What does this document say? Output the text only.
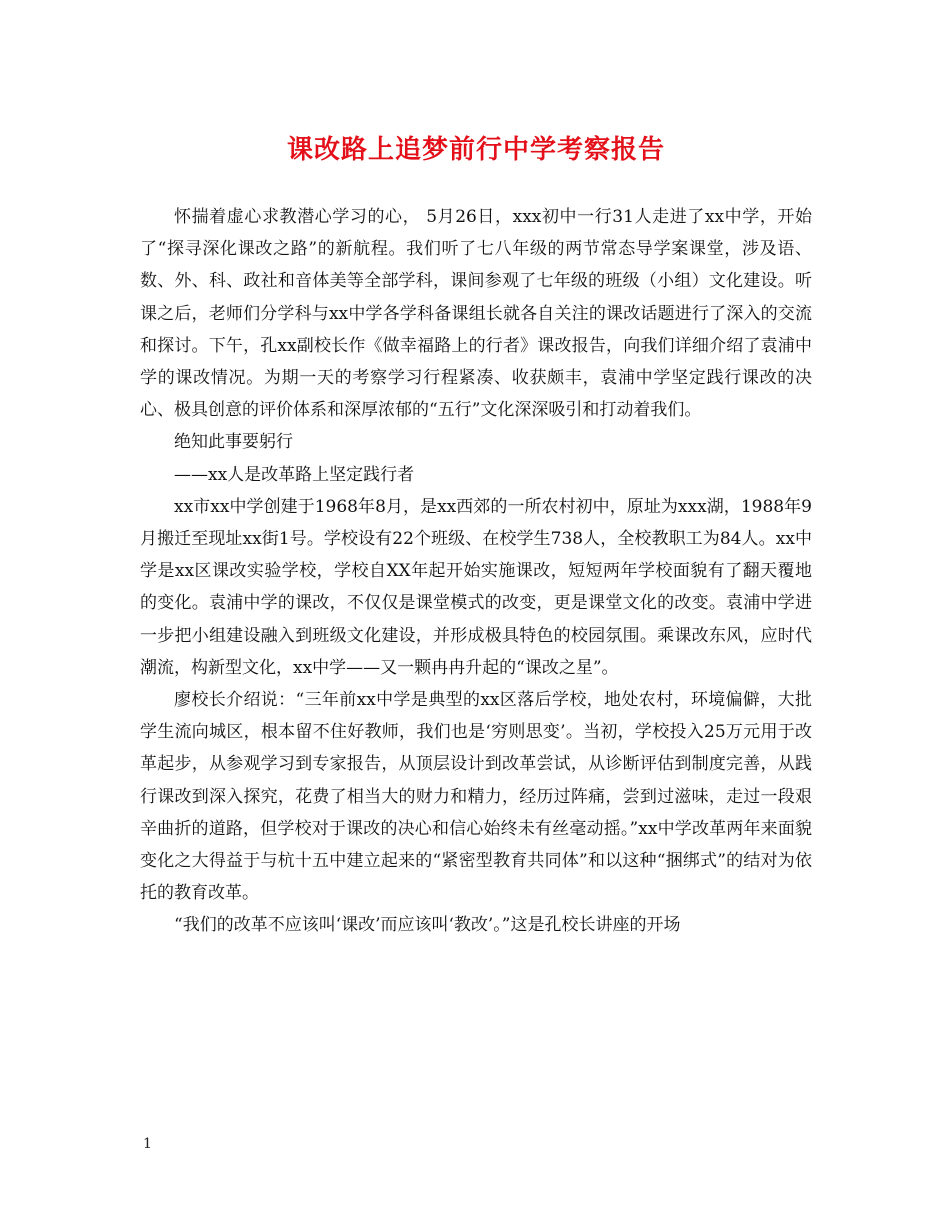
课改路上追梦前行中学考察报告

怀揣着虚心求教潜心学习的心， 5月26日，xxx初中一行31人走进了xx中学，开始了“探寻深化课改之路”的新航程。我们听了七八年级的两节常态导学案课堂，涉及语、数、外、科、政社和音体美等全部学科，课间参观了七年级的班级（小组）文化建设。听课之后，老师们分学科与xx中学各学科备课组长就各自关注的课改话题进行了深入的交流和探讨。下午，孔xx副校长作《做幸福路上的行者》课改报告，向我们详细介绍了袁浦中学的课改情况。为期一天的考察学习行程紧凑、收获颇丰，袁浦中学坚定践行课改的决心、极具创意的评价体系和深厚浓郁的“五行”文化深深吸引和打动着我们。

绝知此事要躬行

——xx人是改革路上坚定践行者

xx市xx中学创建于1968年8月，是xx西郊的一所农村初中，原址为xxx湖，1988年9月搬迁至现址xx街1号。学校设有22个班级、在校学生738人，全校教职工为84人。xx中学是xx区课改实验学校，学校自XX年起开始实施课改，短短两年学校面貌有了翻天覆地的变化。袁浦中学的课改，不仅仅是课堂模式的改变，更是课堂文化的改变。袁浦中学进一步把小组建设融入到班级文化建设，并形成极具特色的校园氛围。乘课改东风，应时代潮流，构新型文化，xx中学——又一颗冉冉升起的“课改之星”。

廖校长介绍说：“三年前xx中学是典型的xx区落后学校，地处农村，环境偏僻，大批学生流向城区，根本留不住好教师，我们也是‘穷则思变’。当初，学校投入25万元用于改革起步，从参观学习到专家报告，从顶层设计到改革尝试，从诊断评估到制度完善，从践行课改到深入探究，花费了相当大的财力和精力，经历过阵痛，尝到过滋味，走过一段艰辛曲折的道路，但学校对于课改的决心和信心始终未有丝毫动摇。”xx中学改革两年来面貌变化之大得益于与杭十五中建立起来的“紧密型教育共同体”和以这种“捆绑式”的结对为依托的教育改革。

“我们的改革不应该叫‘课改’而应该叫‘教改’。”这是孔校长讲座的开场

1
